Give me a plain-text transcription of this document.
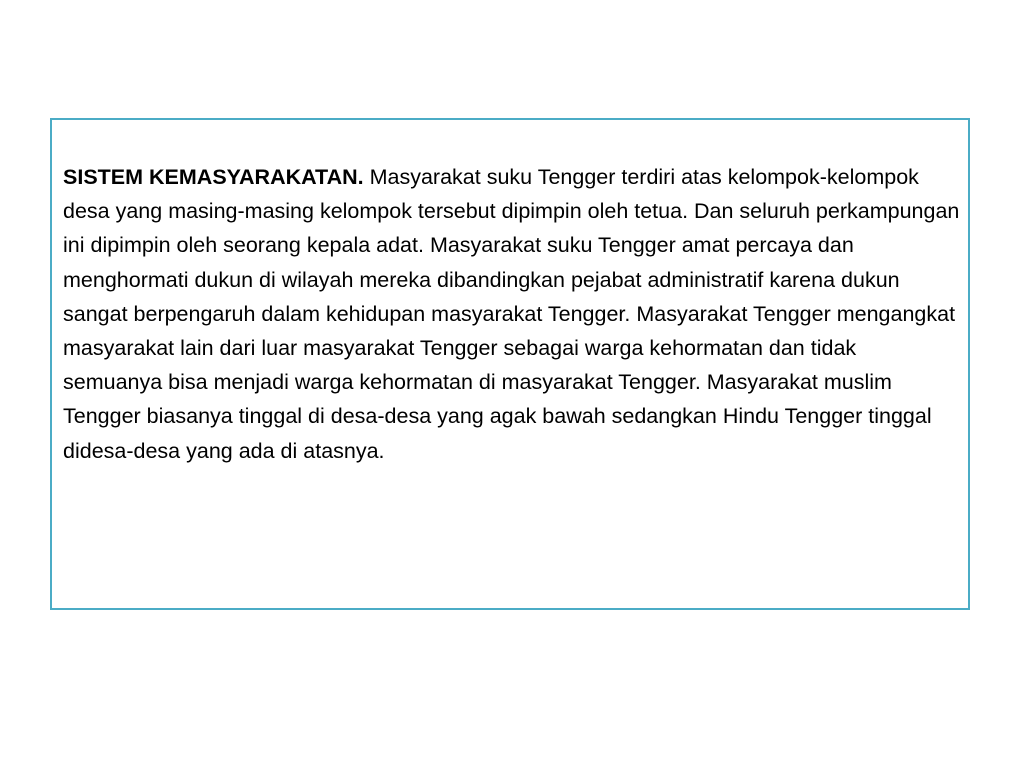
SISTEM KEMASYARAKATAN. Masyarakat suku Tengger terdiri atas kelompok-kelompok desa yang masing-masing kelompok tersebut dipimpin oleh tetua. Dan seluruh perkampungan ini dipimpin oleh seorang kepala adat. Masyarakat suku Tengger amat percaya dan menghormati dukun di wilayah mereka dibandingkan pejabat administratif karena dukun sangat berpengaruh dalam kehidupan masyarakat Tengger. Masyarakat Tengger mengangkat masyarakat lain dari luar masyarakat Tengger sebagai warga kehormatan dan tidak semuanya bisa menjadi warga kehormatan di masyarakat Tengger. Masyarakat muslim Tengger biasanya tinggal di desa-desa yang agak bawah sedangkan Hindu Tengger tinggal didesa-desa yang ada di atasnya.
